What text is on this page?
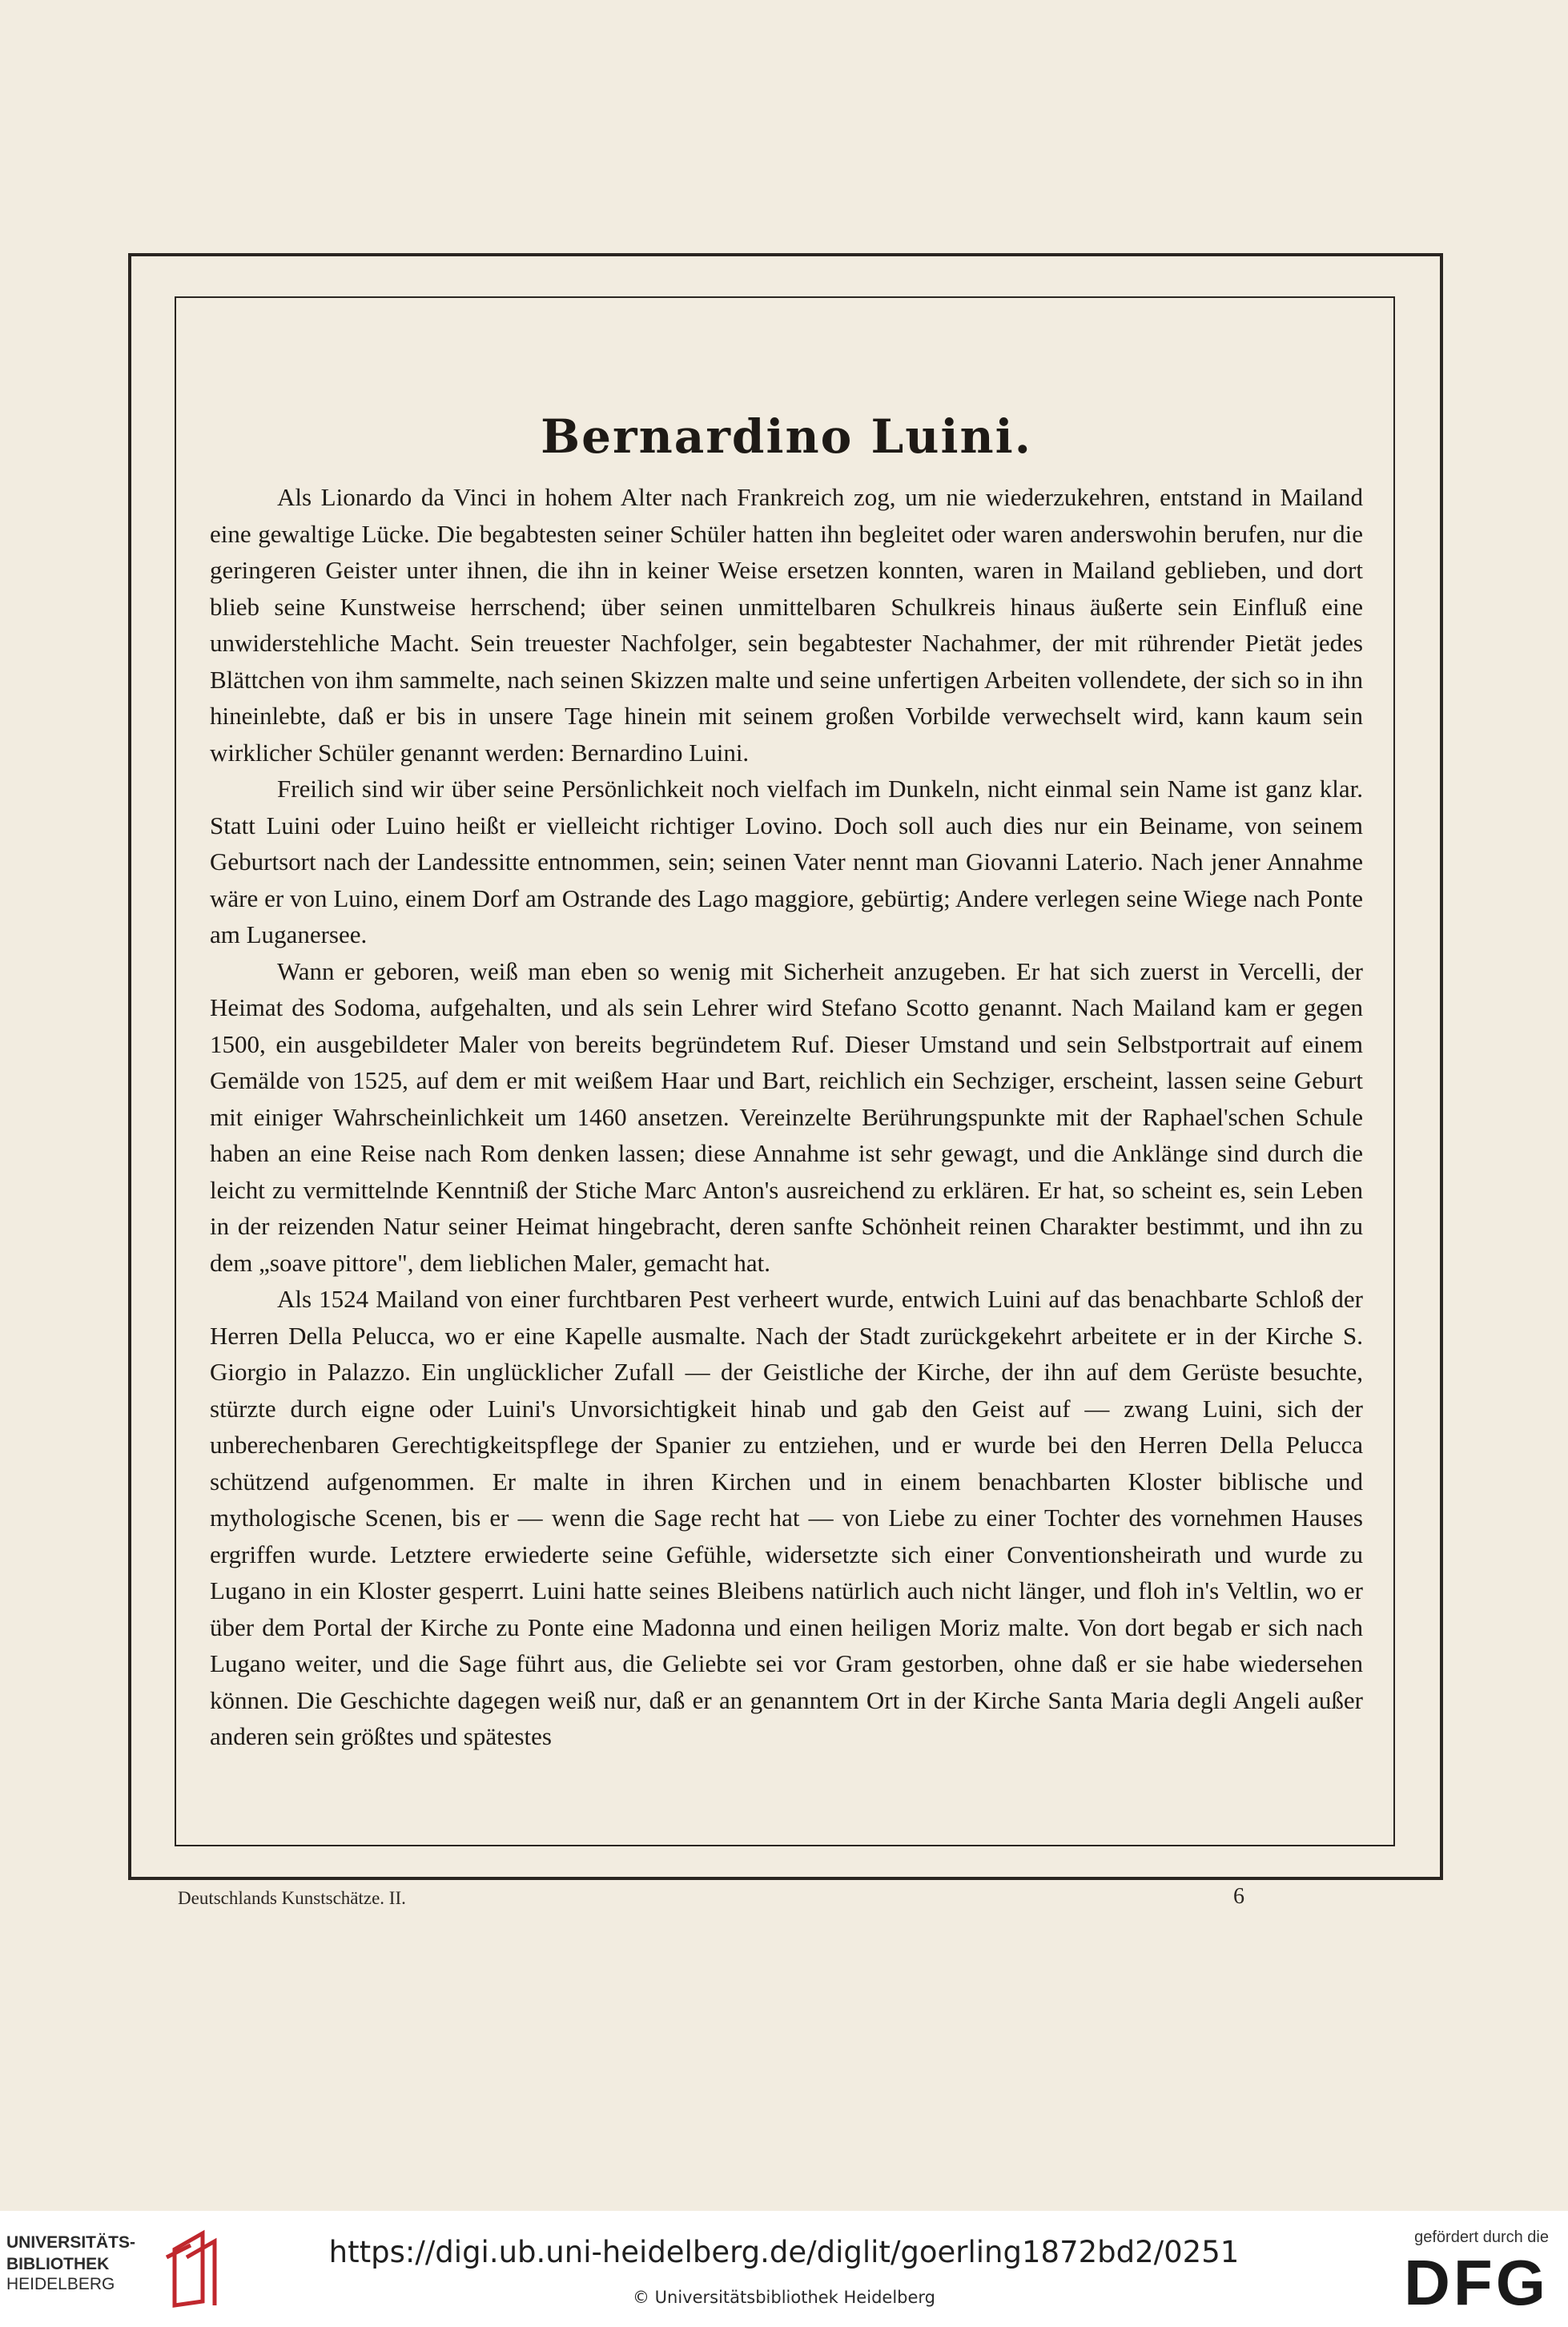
Bernardino Luini.

Als Lionardo da Vinci in hohem Alter nach Frankreich zog, um nie wiederzukehren, entstand in Mailand eine gewaltige Lücke. Die begabtesten seiner Schüler hatten ihn begleitet oder waren anderswohin berufen, nur die geringeren Geister unter ihnen, die ihn in keiner Weise ersetzen konnten, waren in Mailand geblieben, und dort blieb seine Kunstweise herrschend; über seinen unmittelbaren Schulkreis hinaus äußerte sein Einfluß eine unwiderstehliche Macht. Sein treuester Nachfolger, sein begabtester Nachahmer, der mit rührender Pietät jedes Blättchen von ihm sammelte, nach seinen Skizzen malte und seine unfertigen Arbeiten vollendete, der sich so in ihn hineinlebte, daß er bis in unsere Tage hinein mit seinem großen Vorbilde verwechselt wird, kann kaum sein wirklicher Schüler genannt werden: Bernardino Luini.

Freilich sind wir über seine Persönlichkeit noch vielfach im Dunkeln, nicht einmal sein Name ist ganz klar. Statt Luini oder Luino heißt er vielleicht richtiger Lovino. Doch soll auch dies nur ein Beiname, von seinem Geburtsort nach der Landessitte entnommen, sein; seinen Vater nennt man Giovanni Laterio. Nach jener Annahme wäre er von Luino, einem Dorf am Ostrande des Lago maggiore, gebürtig; Andere verlegen seine Wiege nach Ponte am Luganersee.

Wann er geboren, weiß man eben so wenig mit Sicherheit anzugeben. Er hat sich zuerst in Vercelli, der Heimat des Sodoma, aufgehalten, und als sein Lehrer wird Stefano Scotto genannt. Nach Mailand kam er gegen 1500, ein ausgebildeter Maler von bereits begründetem Ruf. Dieser Umstand und sein Selbstportrait auf einem Gemälde von 1525, auf dem er mit weißem Haar und Bart, reichlich ein Sechziger, erscheint, lassen seine Geburt mit einiger Wahrscheinlichkeit um 1460 ansetzen. Vereinzelte Berührungspunkte mit der Raphael'schen Schule haben an eine Reise nach Rom denken lassen; diese Annahme ist sehr gewagt, und die Anklänge sind durch die leicht zu vermittelnde Kenntniß der Stiche Marc Anton's ausreichend zu erklären. Er hat, so scheint es, sein Leben in der reizenden Natur seiner Heimat hingebracht, deren sanfte Schönheit reinen Charakter bestimmt, und ihn zu dem „soave pittore", dem lieblichen Maler, gemacht hat.

Als 1524 Mailand von einer furchtbaren Pest verheert wurde, entwich Luini auf das benachbarte Schloß der Herren Della Pelucca, wo er eine Kapelle ausmalte. Nach der Stadt zurückgekehrt arbeitete er in der Kirche S. Giorgio in Palazzo. Ein unglücklicher Zufall — der Geistliche der Kirche, der ihn auf dem Gerüste besuchte, stürzte durch eigne oder Luini's Unvorsichtigkeit hinab und gab den Geist auf — zwang Luini, sich der unberechenbaren Gerechtigkeitspflege der Spanier zu entziehen, und er wurde bei den Herren Della Pelucca schützend aufgenommen. Er malte in ihren Kirchen und in einem benachbarten Kloster biblische und mythologische Scenen, bis er — wenn die Sage recht hat — von Liebe zu einer Tochter des vornehmen Hauses ergriffen wurde. Letztere erwiederte seine Gefühle, widersetzte sich einer Conventionsheirath und wurde zu Lugano in ein Kloster gesperrt. Luini hatte seines Bleibens natürlich auch nicht länger, und floh in's Veltlin, wo er über dem Portal der Kirche zu Ponte eine Madonna und einen heiligen Moriz malte. Von dort begab er sich nach Lugano weiter, und die Sage führt aus, die Geliebte sei vor Gram gestorben, ohne daß er sie habe wiedersehen können. Die Geschichte dagegen weiß nur, daß er an genanntem Ort in der Kirche Santa Maria degli Angeli außer anderen sein größtes und spätestes

Deutschlands Kunstschätze. II.	6
UNIVERSITÄTS-
BIBLIOTHEK
HEIDELBERG
https://digi.ub.uni-heidelberg.de/diglit/goerling1872bd2/0251
© Universitätsbibliothek Heidelberg
gefördert durch die
DFG
